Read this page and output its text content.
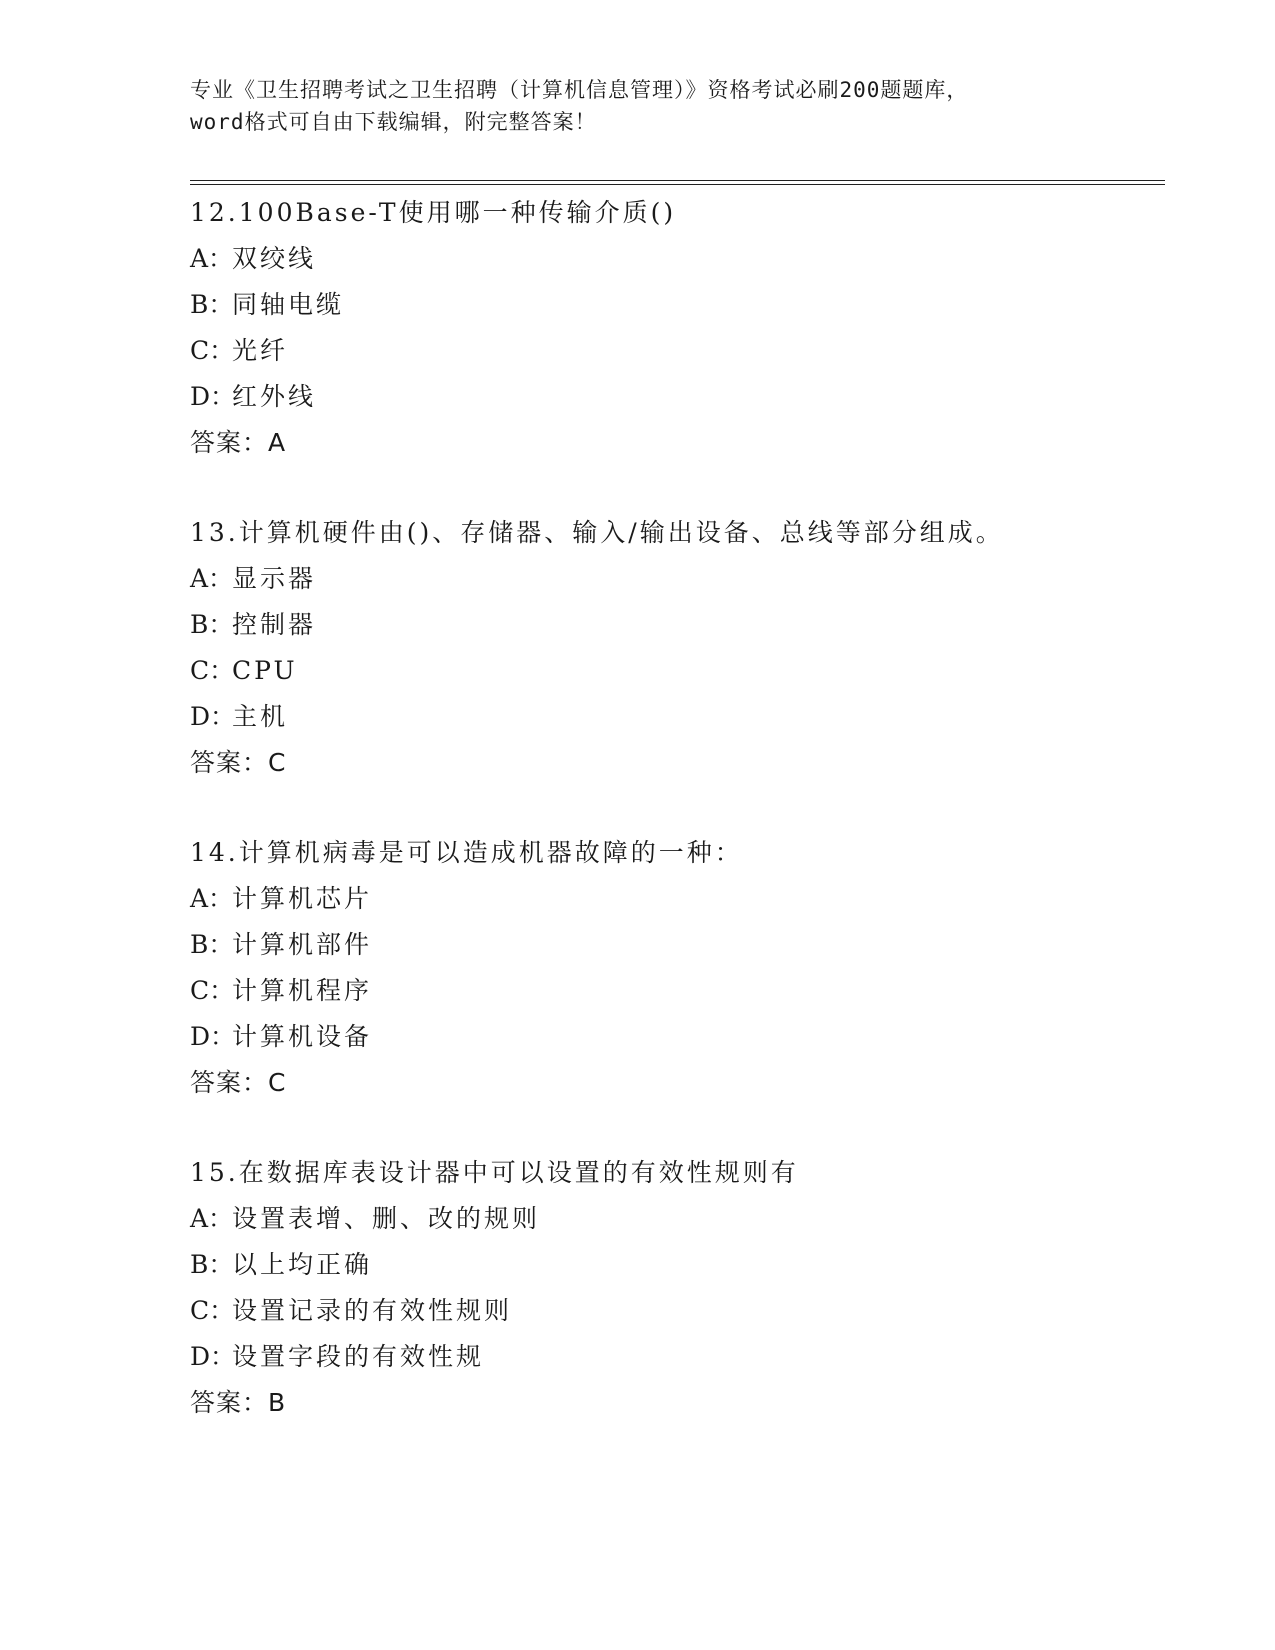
专业《卫生招聘考试之卫生招聘（计算机信息管理）》资格考试必刷200题题库，
word格式可自由下载编辑，附完整答案！
12.100Base-T使用哪一种传输介质()
A：双绞线
B：同轴电缆
C：光纤
D：红外线
答案：A
13.计算机硬件由()、存储器、输入/输出设备、总线等部分组成。
A：显示器
B：控制器
C：CPU
D：主机
答案：C
14.计算机病毒是可以造成机器故障的一种：
A：计算机芯片
B：计算机部件
C：计算机程序
D：计算机设备
答案：C
15.在数据库表设计器中可以设置的有效性规则有
A：设置表增、删、改的规则
B：以上均正确
C：设置记录的有效性规则
D：设置字段的有效性规
答案：B
